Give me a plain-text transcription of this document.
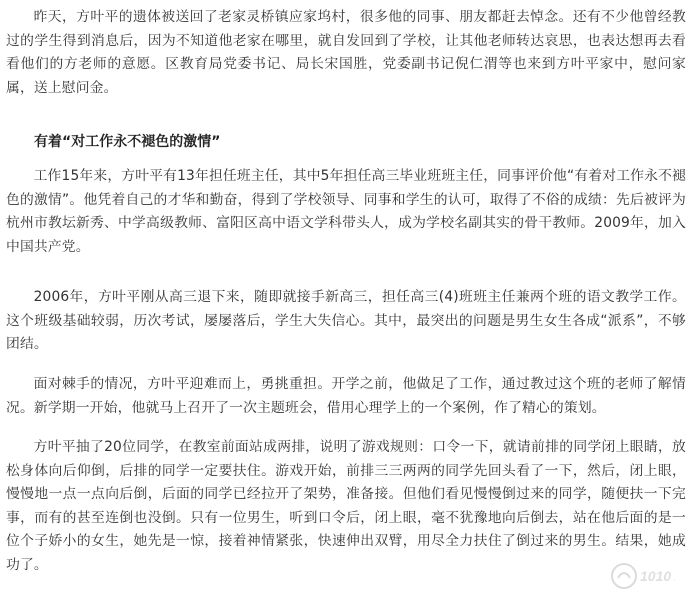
昨天，方叶平的遗体被送回了老家灵桥镇应家坞村，很多他的同事、朋友都赶去悼念。还有不少他曾经教过的学生得到消息后，因为不知道他老家在哪里，就自发回到了学校，让其他老师转达哀思，也表达想再去看看他们的方老师的意愿。区教育局党委书记、局长宋国胜，党委副书记倪仁渭等也来到方叶平家中，慰问家属，送上慰问金。

有着“对工作永不褪色的激情”

工作15年来，方叶平有13年担任班主任，其中5年担任高三毕业班班主任，同事评价他“有着对工作永不褪色的激情”。他凭着自己的才华和勤奋，得到了学校领导、同事和学生的认可，取得了不俗的成绩：先后被评为杭州市教坛新秀、中学高级教师、富阳区高中语文学科带头人，成为学校名副其实的骨干教师。2009年，加入中国共产党。

2006年，方叶平刚从高三退下来，随即就接手新高三，担任高三(4)班班主任兼两个班的语文教学工作。这个班级基础较弱，历次考试，屡屡落后，学生大失信心。其中，最突出的问题是男生女生各成“派系”，不够团结。

面对棘手的情况，方叶平迎难而上，勇挑重担。开学之前，他做足了工作，通过教过这个班的老师了解情况。新学期一开始，他就马上召开了一次主题班会，借用心理学上的一个案例，作了精心的策划。

方叶平抽了20位同学，在教室前面站成两排，说明了游戏规则：口令一下，就请前排的同学闭上眼睛，放松身体向后仰倒，后排的同学一定要扶住。游戏开始，前排三三两两的同学先回头看了一下，然后，闭上眼，慢慢地一点一点向后倒，后面的同学已经拉开了架势，准备接。但他们看见慢慢倒过来的同学，随便扶一下完事，而有的甚至连倒也没倒。只有一位男生，听到口令后，闭上眼，毫不犹豫地向后倒去，站在他后面的是一位个子娇小的女生，她先是一惊，接着神情紧张，快速伸出双臂，用尽全力扶住了倒过来的男生。结果，她成功了。

1010 .
